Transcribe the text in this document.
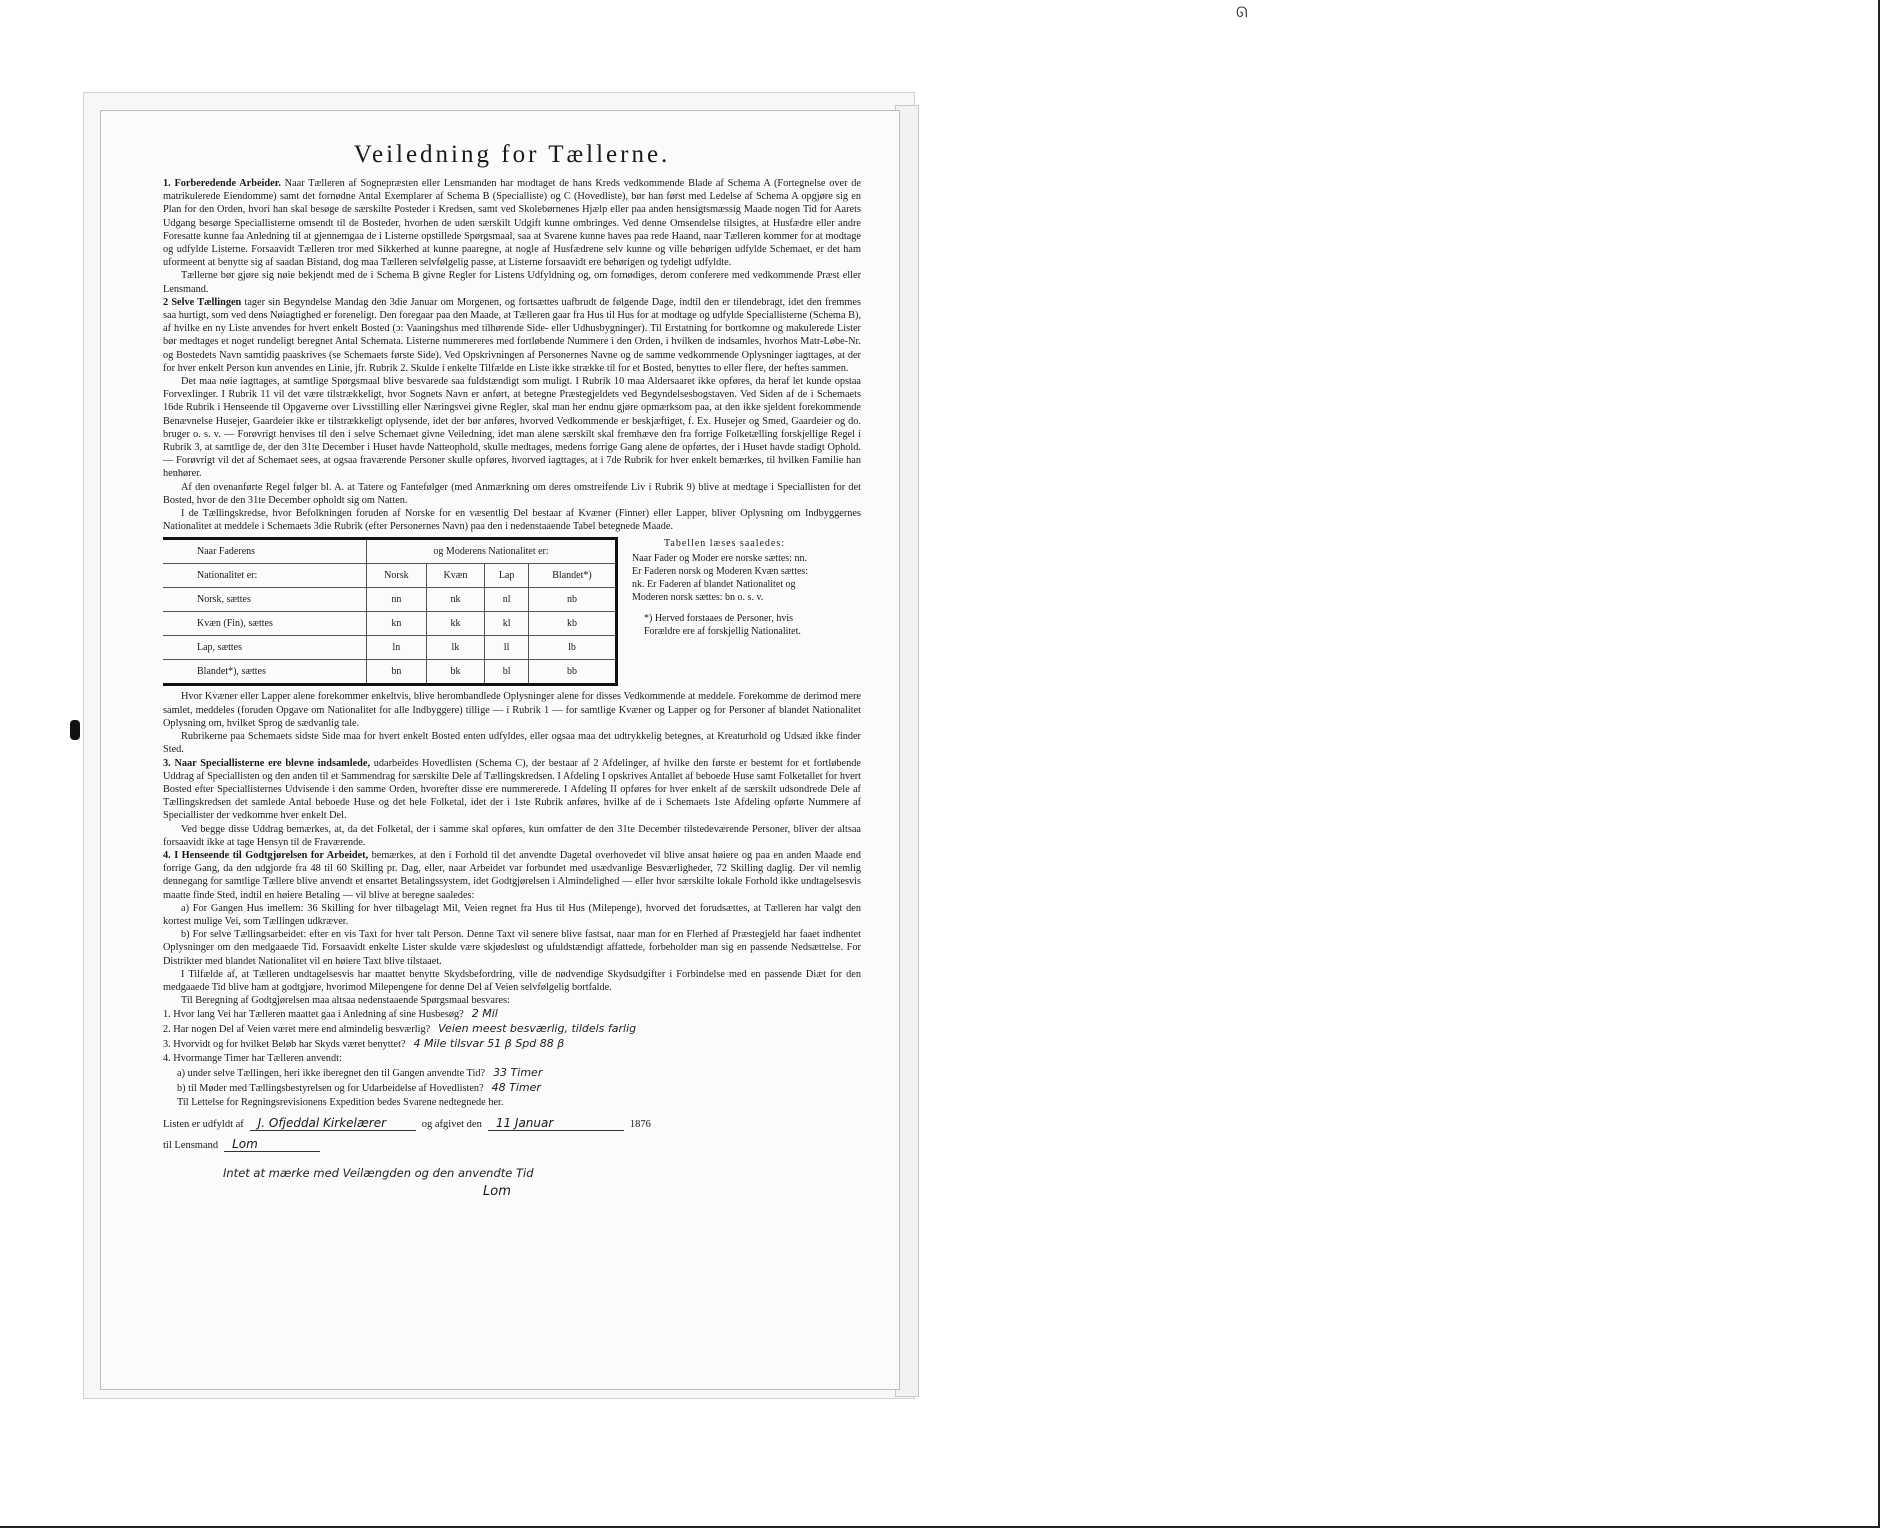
ᘏ
Veiledning for Tællerne.

1. Forberedende Arbeider. Naar Tælleren af Sognepræsten eller Lensmanden har modtaget de hans Kreds vedkommende Blade af Schema A (Fortegnelse over de matrikulerede Eiendomme) samt det fornødne Antal Exemplarer af Schema B (Specialliste) og C (Hovedliste), bør han først med Ledelse af Schema A opgjøre sig en Plan for den Orden, hvori han skal besøge de særskilte Posteder i Kredsen, samt ved Skolebørnenes Hjælp eller paa anden hensigtsmæssig Maade nogen Tid for Aarets Udgang besørge Speciallisterne omsendt til de Bosteder, hvorhen de uden særskilt Udgift kunne ombringes. Ved denne Omsendelse tilsigtes, at Husfædre eller andre Foresatte kunne faa Anledning til at gjennemgaa de i Listerne opstillede Spørgsmaal, saa at Svarene kunne haves paa rede Haand, naar Tælleren kommer for at modtage og udfylde Listerne. Forsaavidt Tælleren tror med Sikkerhed at kunne paaregne, at nogle af Husfædrene selv kunne og ville behørigen udfylde Schemaet, er det ham uformeent at benytte sig af saadan Bistand, dog maa Tælleren selvfølgelig passe, at Listerne forsaavidt ere behørigen og tydeligt udfyldte.

Tællerne bør gjøre sig nøie bekjendt med de i Schema B givne Regler for Listens Udfyldning og, om fornødiges, derom conferere med vedkommende Præst eller Lensmand.

2 Selve Tællingen tager sin Begyndelse Mandag den 3die Januar om Morgenen, og fortsættes uafbrudt de følgende Dage, indtil den er tilendebragt, idet den fremmes saa hurtigt, som ved dens Nøiagtighed er foreneligt. Den foregaar paa den Maade, at Tælleren gaar fra Hus til Hus for at modtage og udfylde Speciallisterne (Schema B), af hvilke en ny Liste anvendes for hvert enkelt Bosted (ɔ: Vaaningshus med tilhørende Side- eller Udhusbygninger). Til Erstatning for bortkomne og makulerede Lister bør medtages et noget rundeligt beregnet Antal Schemata. Listerne nummereres med fortløbende Nummere i den Orden, i hvilken de indsamles, hvorhos Matr-Løbe-Nr. og Bostedets Navn samtidig paaskrives (se Schemaets første Side). Ved Opskrivningen af Personernes Navne og de samme vedkommende Oplysninger iagttages, at der for hver enkelt Person kun anvendes en Linie, jfr. Rubrik 2. Skulde i enkelte Tilfælde en Liste ikke strække til for et Bosted, benyttes to eller flere, der heftes sammen.

Det maa nøie iagttages, at samtlige Spørgsmaal blive besvarede saa fuldstændigt som muligt. I Rubrik 10 maa Aldersaaret ikke opføres, da heraf let kunde opstaa Forvexlinger. I Rubrik 11 vil det være tilstrækkeligt, hvor Sognets Navn er anført, at betegne Præstegjeldets ved Begyndelsesbogstaven. Ved Siden af de i Schemaets 16de Rubrik i Henseende til Opgaverne over Livsstilling eller Næringsvei givne Regler, skal man her endnu gjøre opmærksom paa, at den ikke sjeldent forekommende Benævnelse Husejer, Gaardeier ikke er tilstrækkeligt oplysende, idet der bør anføres, hvorved Vedkommende er beskjæftiget, f. Ex. Husejer og Smed, Gaardeier og do. bruger o. s. v. — Forøvrigt henvises til den i selve Schemaet givne Veiledning, idet man alene særskilt skal fremhæve den fra forrige Folketælling forskjellige Regel i Rubrik 3, at samtlige de, der den 31te December i Huset havde Natteophold, skulle medtages, medens forrige Gang alene de opførtes, der i Huset havde stadigt Ophold. — Forøvrigt vil det af Schemaet sees, at ogsaa fraværende Personer skulle opføres, hvorved iagttages, at i 7de Rubrik for hver enkelt bemærkes, til hvilken Familie han henhører.

Af den ovenanførte Regel følger bl. A. at Tatere og Fantefølger (med Anmærkning om deres omstreifende Liv i Rubrik 9) blive at medtage i Speciallisten for det Bosted, hvor de den 31te December opholdt sig om Natten.

I de Tællingskredse, hvor Befolkningen foruden af Norske for en væsentlig Del bestaar af Kvæner (Finner) eller Lapper, bliver Oplysning om Indbyggernes Nationalitet at meddele i Schemaets 3die Rubrik (efter Personernes Navn) paa den i nedenstaaende Tabel betegnede Maade.

Naar Faderens	og Moderens Nationalitet er:			
Nationalitet er:	Norsk	Kvæn	Lap	Blandet*)
Norsk, sættes	nn	nk	nl	nb
Kvæn (Fin), sættes	kn	kk	kl	kb
Lap, sættes	ln	lk	ll	lb
Blandet*), sættes	bn	bk	bl	bb
Tabellen læses saaledes:
Naar Fader og Moder ere norske sættes: nn. Er Faderen norsk og Moderen Kvæn sættes: nk. Er Faderen af blandet Nationalitet og Moderen norsk sættes: bn o. s. v.
*) Herved forstaaes de Personer, hvis Forældre ere af forskjellig Nationalitet.

Hvor Kvæner eller Lapper alene forekommer enkeltvis, blive herombandlede Oplysninger alene for disses Vedkommende at meddele. Forekomme de derimod mere samlet, meddeles (foruden Opgave om Nationalitet for alle Indbyggere) tillige — i Rubrik 1 — for samtlige Kvæner og Lapper og for Personer af blandet Nationalitet Oplysning om, hvilket Sprog de sædvanlig tale.

Rubrikerne paa Schemaets sidste Side maa for hvert enkelt Bosted enten udfyldes, eller ogsaa maa det udtrykkelig betegnes, at Kreaturhold og Udsæd ikke finder Sted.

3. Naar Speciallisterne ere blevne indsamlede, udarbeides Hovedlisten (Schema C), der bestaar af 2 Afdelinger, af hvilke den første er bestemt for et fortløbende Uddrag af Speciallisten og den anden til et Sammendrag for særskilte Dele af Tællingskredsen. I Afdeling I opskrives Antallet af beboede Huse samt Folketallet for hvert Bosted efter Speciallisternes Udvisende i den samme Orden, hvorefter disse ere nummererede. I Afdeling II opføres for hver enkelt af de særskilt udsondrede Dele af Tællingskredsen det samlede Antal beboede Huse og det hele Folketal, idet der i 1ste Rubrik anføres, hvilke af de i Schemaets 1ste Afdeling opførte Nummere af Speciallister der vedkomme hver enkelt Del.

Ved begge disse Uddrag bemærkes, at, da det Folketal, der i samme skal opføres, kun omfatter de den 31te December tilstedeværende Personer, bliver der altsaa forsaavidt ikke at tage Hensyn til de Fraværende.

4. I Henseende til Godtgjørelsen for Arbeidet, bemærkes, at den i Forhold til det anvendte Dagetal overhovedet vil blive ansat høiere og paa en anden Maade end forrige Gang, da den udgjorde fra 48 til 60 Skilling pr. Dag, eller, naar Arbeidet var forbundet med usædvanlige Besværligheder, 72 Skilling daglig. Der vil nemlig dennegang for samtlige Tællere blive anvendt et ensartet Betalingssystem, idet Godtgjørelsen i Almindelighed — eller hvor særskilte lokale Forhold ikke undtagelsesvis maatte finde Sted, indtil en høiere Betaling — vil blive at beregne saaledes:

a) For Gangen Hus imellem: 36 Skilling for hver tilbagelagt Mil, Veien regnet fra Hus til Hus (Milepenge), hvorved det forudsættes, at Tælleren har valgt den kortest mulige Vei, som Tællingen udkræver.

b) For selve Tællingsarbeidet: efter en vis Taxt for hver talt Person. Denne Taxt vil senere blive fastsat, naar man for en Flerhed af Præstegjeld har faaet indhentet Oplysninger om den medgaaede Tid. Forsaavidt enkelte Lister skulde være skjødesløst og ufuldstændigt affattede, forbeholder man sig en passende Nedsættelse. For Distrikter med blandet Nationalitet vil en høiere Taxt blive tilstaaet.

I Tilfælde af, at Tælleren undtagelsesvis har maattet benytte Skydsbefordring, ville de nødvendige Skydsudgifter i Forbindelse med en passende Diæt for den medgaaede Tid blive ham at godtgjøre, hvorimod Milepengene for denne Del af Veien selvfølgelig bortfalde.

Til Beregning af Godtgjørelsen maa altsaa nedenstaaende Spørgsmaal besvares:

1. Hvor lang Vei har Tælleren maattet gaa i Anledning af sine Husbesøg? 2 Mil
2. Har nogen Del af Veien været mere end almindelig besværlig? Veien meest besværlig, tildels farlig
3. Hvorvidt og for hvilket Beløb har Skyds været benyttet? 4 Mile tilsvar 51 β Spd 88 β
4. Hvormange Timer har Tælleren anvendt:
a) under selve Tællingen, heri ikke iberegnet den til Gangen anvendte Tid? 33 Timer
b) til Møder med Tællingsbestyrelsen og for Udarbeidelse af Hovedlisten? 48 Timer
Til Lettelse for Regningsrevisionens Expedition bedes Svarene nedtegnede her.
Listen er udfyldt af	J. Ofjeddal Kirkelærer	og afgivet den	11 Januar	1876
til Lensmand	Lom
Intet at mærke med Veilængden og den anvendte Tid
Lom
